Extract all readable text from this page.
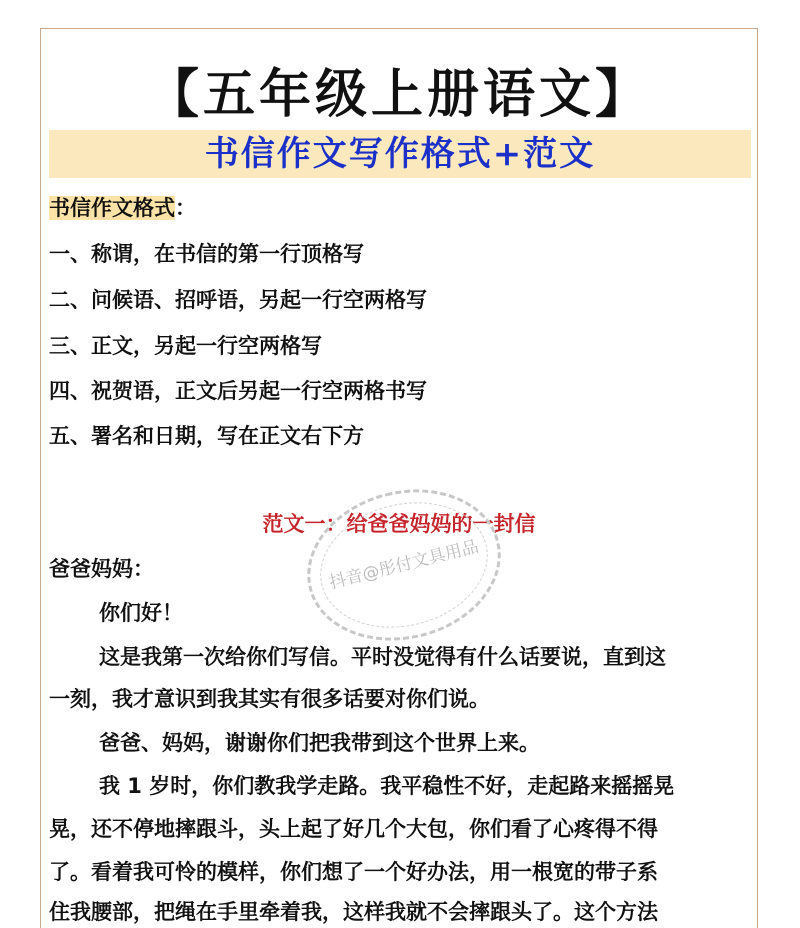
【五年级上册语文】
书信作文写作格式+范文
书信作文格式：
一、称谓，在书信的第一行顶格写
二、问候语、招呼语，另起一行空两格写
三、正文，另起一行空两格写
四、祝贺语，正文后另起一行空两格书写
五、署名和日期，写在正文右下方
范文一：给爸爸妈妈的一封信
爸爸妈妈：
你们好！
这是我第一次给你们写信。平时没觉得有什么话要说，直到这
一刻，我才意识到我其实有很多话要对你们说。
爸爸、妈妈，谢谢你们把我带到这个世界上来。
我 1 岁时，你们教我学走路。我平稳性不好，走起路来摇摇晃
晃，还不停地摔跟斗，头上起了好几个大包，你们看了心疼得不得
了。看着我可怜的模样，你们想了一个好办法，用一根宽的带子系
住我腰部，把绳在手里牵着我，这样我就不会摔跟头了。这个方法
抖音@彤付文具用品
